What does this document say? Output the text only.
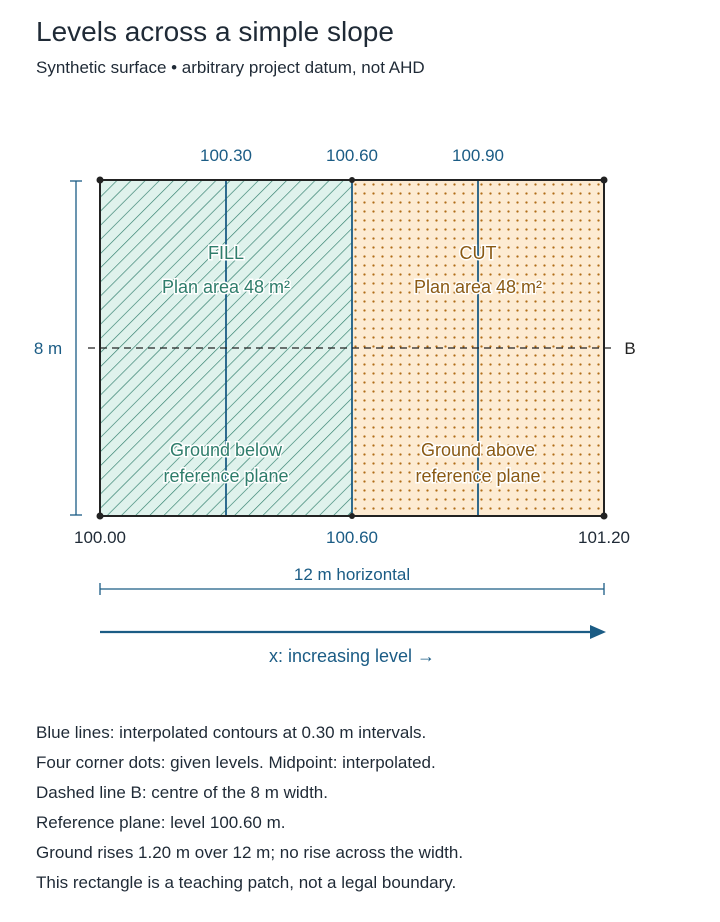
Levels across a simple slope
Synthetic surface • arbitrary project datum, not AHD
100.30	100.60	100.90
8 m	B
FILL
Plan area 48 m²
Ground below
reference plane
CUT
Plan area 48 m²
Ground above
reference plane
100.00	100.60	101.20
12 m horizontal
x: increasing level →
Blue lines: interpolated contours at 0.30 m intervals.
Four corner dots: given levels. Midpoint: interpolated.
Dashed line B: centre of the 8 m width.
Reference plane: level 100.60 m.
Ground rises 1.20 m over 12 m; no rise across the width.
This rectangle is a teaching patch, not a legal boundary.
